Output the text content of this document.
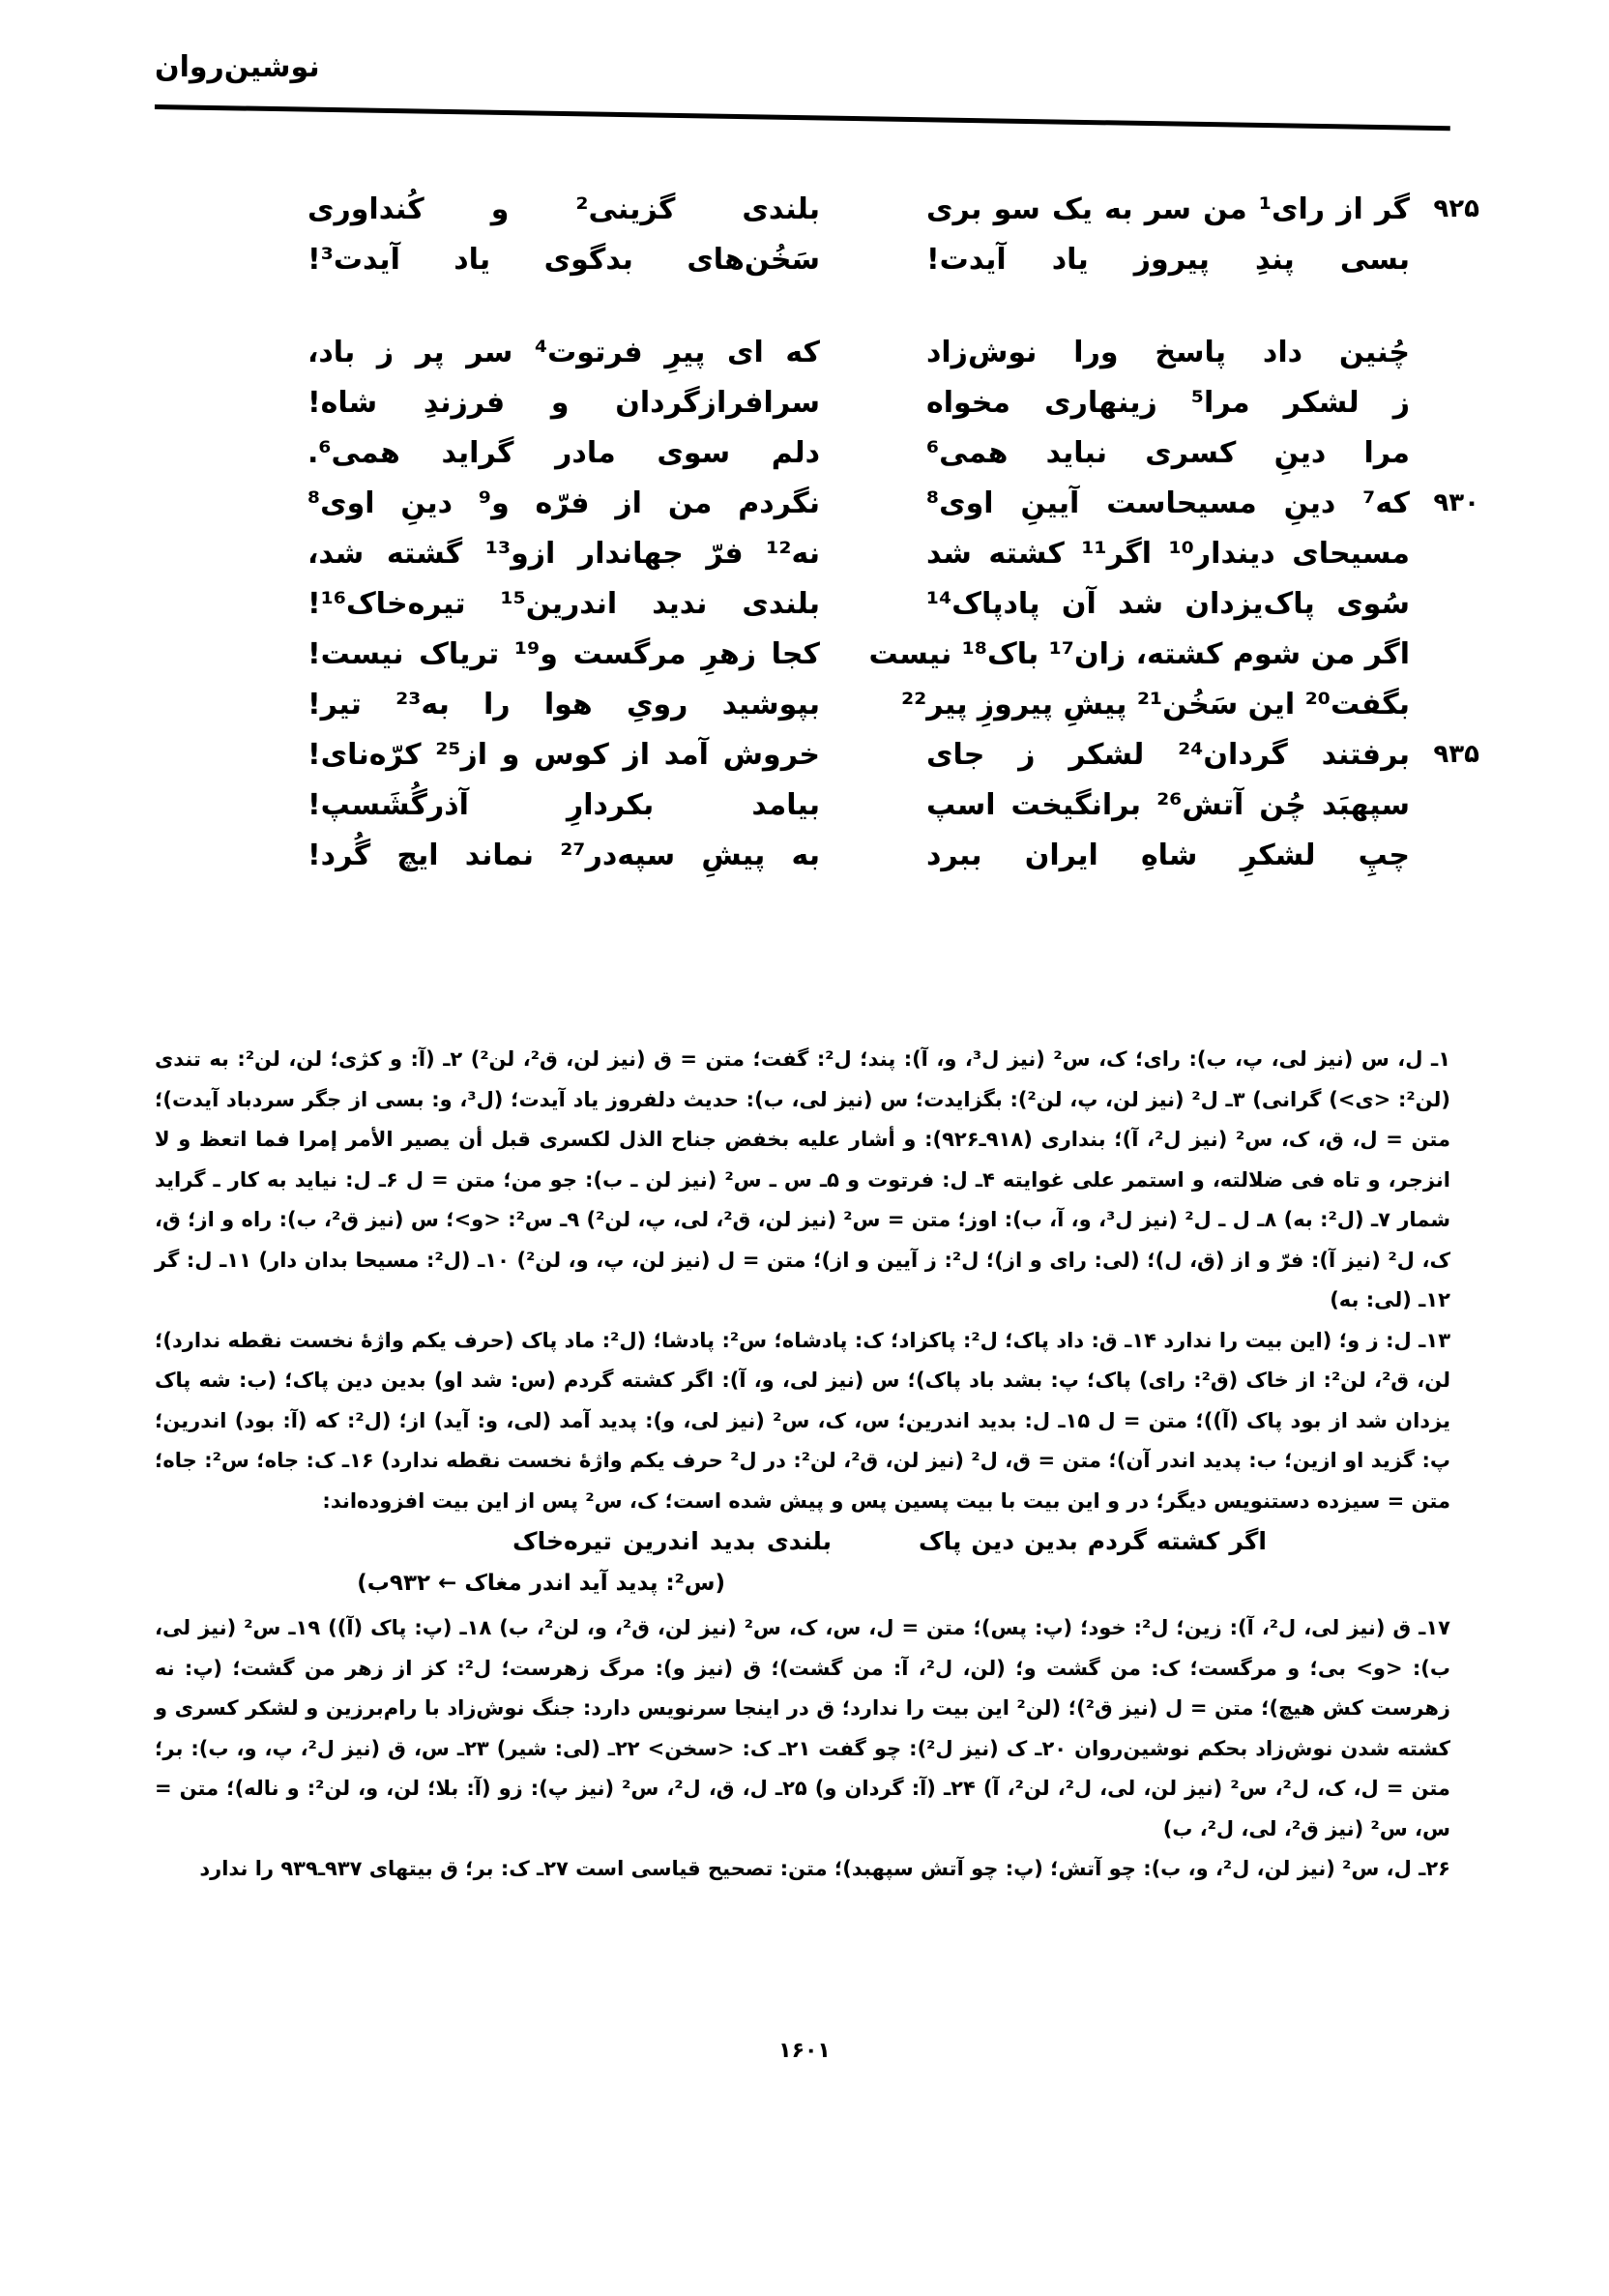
نوشین‌روان
۹۲۵
گر از رای¹ من سر به یک سو بری
بلندی گزینی² و کُنداوری
بسی پندِ پیروز یاد آیدت!
سَخُن‌های بدگوی یاد آیدت³!
چُنین داد پاسخ ورا نوش‌زاد
که ای پیرِ فرتوت⁴ سر پر ز باد،
ز لشکر مرا⁵ زینهاری مخواه
سرافرازگردان و فرزندِ شاه!
مرا دینِ کسری نباید همی⁶
دلم سوی مادر گراید همی⁶.
۹۳۰
که⁷ دینِ مسیحاست آیینِ اوی⁸
نگردم من از فرّه و⁹ دینِ اوی⁸
مسیحای دیندار¹⁰ اگر¹¹ کشته شد
نه¹² فرّ جهاندار ازو¹³ گشته شد،
سُوی پاک‌یزدان شد آن پادپاک¹⁴
بلندی ندید اندرین¹⁵ تیره‌خاک¹⁶!
اگر من شوم کشته، زان¹⁷ باک¹⁸ نیست
کجا زهرِ مرگست و¹⁹ تریاک نیست!
بگفت²⁰ این سَخُن²¹ پیشِ پیروزِ پیر²²
بپوشید رویِ هوا را به²³ تیر!
۹۳۵
برفتند گردان²⁴ لشکر ز جای
خروش آمد از کوس و از²⁵ کرّه‌نای!
سپهبَد چُن آتش²⁶ برانگیخت اسپ
بیامد بکردارِ آذرگُشَسپ!
چپِ لشکرِ شاهِ ایران ببرد
به پیشِ سپه‌در²⁷ نماند ایچ گُرد!

۱ـ ل، س (نیز لی، پ، ب): رای؛ ک، س² (نیز ل³، و، آ): پند؛ ل²: گفت؛ متن = ق (نیز لن، ق²، لن²) ۲ـ (آ: و کژی؛ لن، لن²: به تندی (لن²: <ی>) گرانی) ۳ـ ل² (نیز لن، پ، لن²): بگزایدت؛ س (نیز لی، ب): حدیث دلفروز یاد آیدت؛ (ل³، و: بسی از جگر سردباد آیدت)؛ متن = ل، ق، ک، س² (نیز ل²، آ)؛ بنداری (۹۱۸ـ۹۲۶): و أشار علیه بخفض جناح الذل لکسری قبل أن یصیر الأمر إمرا فما اتعظ و لا انزجر، و تاه فی ضلالته، و استمر علی غوایته ۴ـ ل: فرتوت و ۵ـ س ـ س² (نیز لن ـ ب): جو من؛ متن = ل ۶ـ ل: نیاید به کار ـ گراید شمار ۷ـ (ل²: به) ۸ـ ل ـ ل² (نیز ل³، و، آ، ب): اوز؛ متن = س² (نیز لن، ق²، لی، پ، لن²) ۹ـ س²: <و>؛ س (نیز ق²، ب): راه و از؛ ق، ک، ل² (نیز آ): فرّ و از (ق، ل)؛ (لی: رای و از)؛ ل²: ز آیین و از)؛ متن = ل (نیز لن، پ، و، لن²) ۱۰ـ (ل²: مسیحا بدان دار) ۱۱ـ ل: گر ۱۲ـ (لی: به)

۱۳ـ ل: ز و؛ (این بیت را ندارد ۱۴ـ ق: داد پاک؛ ل²: پاکزاد؛ ک: پادشاه؛ س²: پادشا؛ (ل²: ماد پاک (حرف یکم واژهٔ نخست نقطه ندارد)؛ لن، ق²، لن²: از خاک (ق²: رای) پاک؛ پ: بشد باد پاک)؛ س (نیز لی، و، آ): اگر کشته گردم (س: شد او) بدین دین پاک؛ (ب: شه پاک یزدان شد از بود پاک (آ))؛ متن = ل ۱۵ـ ل: بدید اندرین؛ س، ک، س² (نیز لی، و): پدید آمد (لی، و: آید) از؛ (ل²: که (آ: بود) اندرین؛ پ: گزید او ازین؛ ب: پدید اندر آن)؛ متن = ق، ل² (نیز لن، ق²، لن²: در ل² حرف یکم واژهٔ نخست نقطه ندارد) ۱۶ـ ک: جاه؛ س²: جاه؛ متن = سیزده دستنویس دیگر؛ در و این بیت با بیت پسین پس و پیش شده است؛ ک، س² پس از این بیت افزوده‌اند:

اگر کشته گردم بدین دین پاک
بلندی بدید اندرین تیره‌خاک
(س²: پدید آید اندر مغاک ← ۹۳۲ب)

۱۷ـ ق (نیز لی، ل²، آ): زین؛ ل²: خود؛ (پ: پس)؛ متن = ل، س، ک، س² (نیز لن، ق²، و، لن²، ب) ۱۸ـ (پ: پاک (آ)) ۱۹ـ س² (نیز لی، ب): <و> بی؛ و مرگست؛ ک: من گشت و؛ (لن، ل²، آ: من گشت)؛ ق (نیز و): مرگ زهرست؛ ل²: کز از زهر من گشت؛ (پ: نه زهرست کش هیچ)؛ متن = ل (نیز ق²)؛ (لن² این بیت را ندارد؛ ق در اینجا سرنویس دارد: جنگ نوش‌زاد با رام‌برزین و لشکر کسری و کشته شدن نوش‌زاد بحکم نوشین‌روان ۲۰ـ ک (نیز ل²): چو گفت ۲۱ـ ک: <سخن> ۲۲ـ (لی: شیر) ۲۳ـ س، ق (نیز ل²، پ، و، ب): بر؛ متن = ل، ک، ل²، س² (نیز لن، لی، ل²، لن²، آ) ۲۴ـ (آ: گردان و) ۲۵ـ ل، ق، ل²، س² (نیز پ): زو (آ: بلا؛ لن، و، لن²: و ناله)؛ متن = س، س² (نیز ق²، لی، ل²، ب)

۲۶ـ ل، س² (نیز لن، ل²، و، ب): چو آتش؛ (پ: چو آتش سپهبد)؛ متن: تصحیح قیاسی است ۲۷ـ ک: بر؛ ق بیتهای ۹۳۷ـ۹۳۹ را ندارد

۱۶۰۱
